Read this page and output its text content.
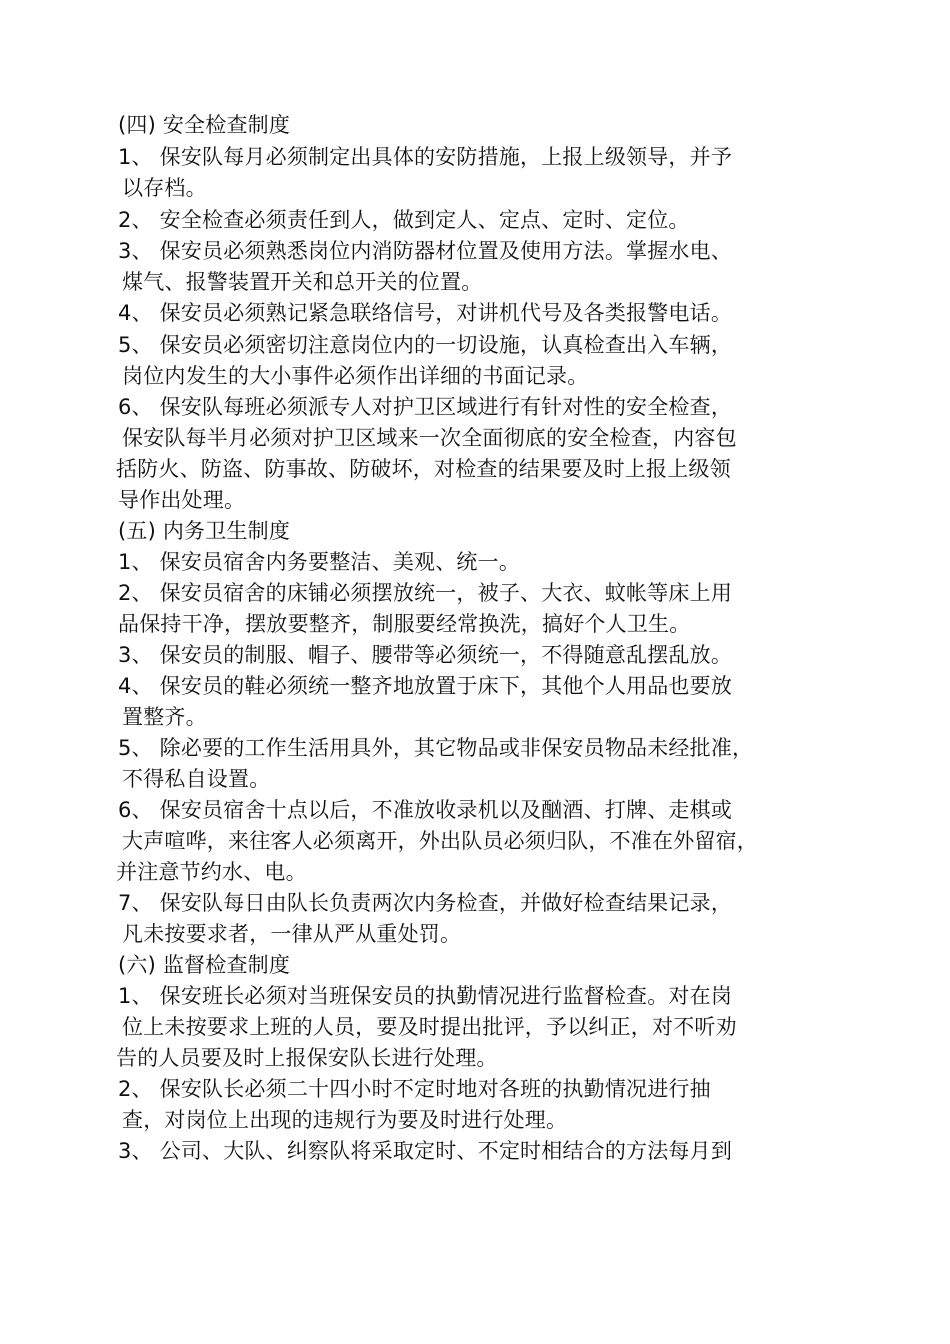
(四) 安全检查制度
1、 保安队每月必须制定出具体的安防措施，上报上级领导，并予
以存档。
2、 安全检查必须责任到人，做到定人、定点、定时、定位。
3、 保安员必须熟悉岗位内消防器材位置及使用方法。掌握水电、
煤气、报警装置开关和总开关的位置。
4、 保安员必须熟记紧急联络信号，对讲机代号及各类报警电话。
5、 保安员必须密切注意岗位内的一切设施，认真检查出入车辆，
岗位内发生的大小事件必须作出详细的书面记录。
6、 保安队每班必须派专人对护卫区域进行有针对性的安全检查，
保安队每半月必须对护卫区域来一次全面彻底的安全检查，内容包
括防火、防盗、防事故、防破坏，对检查的结果要及时上报上级领
导作出处理。
(五) 内务卫生制度
1、 保安员宿舍内务要整洁、美观、统一。
2、 保安员宿舍的床铺必须摆放统一，被子、大衣、蚊帐等床上用
品保持干净，摆放要整齐，制服要经常换洗，搞好个人卫生。
3、 保安员的制服、帽子、腰带等必须统一，不得随意乱摆乱放。
4、 保安员的鞋必须统一整齐地放置于床下，其他个人用品也要放
置整齐。
5、 除必要的工作生活用具外，其它物品或非保安员物品未经批准，
不得私自设置。
6、 保安员宿舍十点以后，不准放收录机以及酗酒、打牌、走棋或
大声喧哗，来往客人必须离开，外出队员必须归队，不准在外留宿，
并注意节约水、电。
7、 保安队每日由队长负责两次内务检查，并做好检查结果记录，
凡未按要求者，一律从严从重处罚。
(六) 监督检查制度
1、 保安班长必须对当班保安员的执勤情况进行监督检查。对在岗
位上未按要求上班的人员，要及时提出批评，予以纠正，对不听劝
告的人员要及时上报保安队长进行处理。
2、 保安队长必须二十四小时不定时地对各班的执勤情况进行抽
查，对岗位上出现的违规行为要及时进行处理。
3、 公司、大队、纠察队将采取定时、不定时相结合的方法每月到
